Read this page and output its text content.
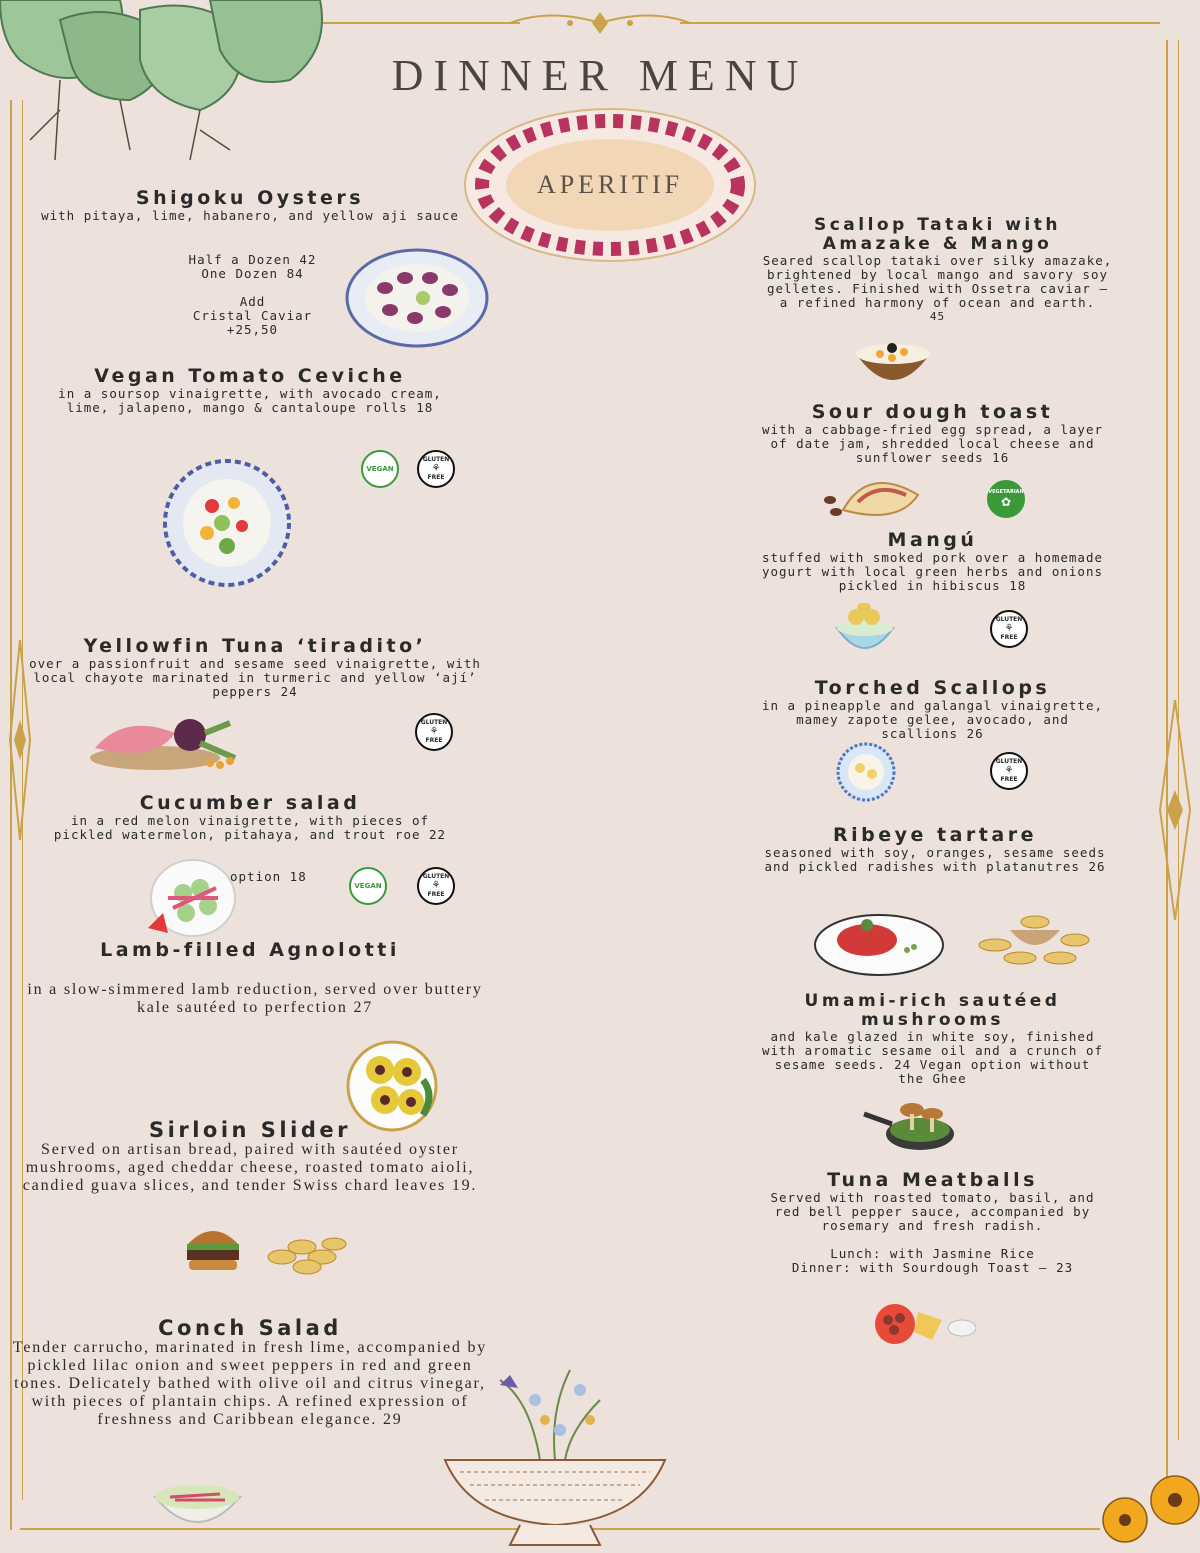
DINNER MENU
APERITIF
Shigoku Oysters
with pitaya, lime, habanero, and yellow aji sauce
Half a Dozen 42
One Dozen 84
Add
Cristal Caviar
+25,50
Vegan Tomato Ceviche
in a soursop vinaigrette, with avocado cream, lime, jalapeno, mango & cantaloupe rolls 18
VEGAN
GLUTEN
⚘
FREE
Yellowfin Tuna ‘tiradito’
over a passionfruit and sesame seed vinaigrette, with local chayote marinated in turmeric and yellow ‘ají’ peppers 24
GLUTEN
⚘
FREE
Cucumber salad
in a red melon vinaigrette, with pieces of pickled watermelon, pitahaya, and trout roe 22
option 18
VEGAN
GLUTEN
⚘
FREE
Lamb-filled Agnolotti
in a slow-simmered lamb reduction, served over buttery kale sautéed to perfection 27
Sirloin Slider
Served on artisan bread, paired with sautéed oyster mushrooms, aged cheddar cheese, roasted tomato aioli, candied guava slices, and tender Swiss chard leaves 19.
Conch Salad
Tender carrucho, marinated in fresh lime, accompanied by pickled lilac onion and sweet peppers in red and green tones. Delicately bathed with olive oil and citrus vinegar, with pieces of plantain chips. A refined expression of freshness and Caribbean elegance. 29
Scallop Tataki with Amazake & Mango
Seared scallop tataki over silky amazake, brightened by local mango and savory soy gelletes. Finished with Ossetra caviar — a refined harmony of ocean and earth.
45
Sour dough toast
with a cabbage-fried egg spread, a layer of date jam, shredded local cheese and sunflower seeds 16
VEGETARIAN
✿
Mangú
stuffed with smoked pork over a homemade yogurt with local green herbs and onions pickled in hibiscus 18
GLUTEN
⚘
FREE
Torched Scallops
in a pineapple and galangal vinaigrette, mamey zapote gelee, avocado, and scallions 26
GLUTEN
⚘
FREE
Ribeye tartare
seasoned with soy, oranges, sesame seeds and pickled radishes with platanutres 26
Umami-rich sautéed mushrooms
and kale glazed in white soy, finished with aromatic sesame oil and a crunch of sesame seeds. 24 Vegan option without the Ghee
Tuna Meatballs
Served with roasted tomato, basil, and red bell pepper sauce, accompanied by rosemary and fresh radish.
Lunch: with Jasmine Rice
Dinner: with Sourdough Toast — 23
